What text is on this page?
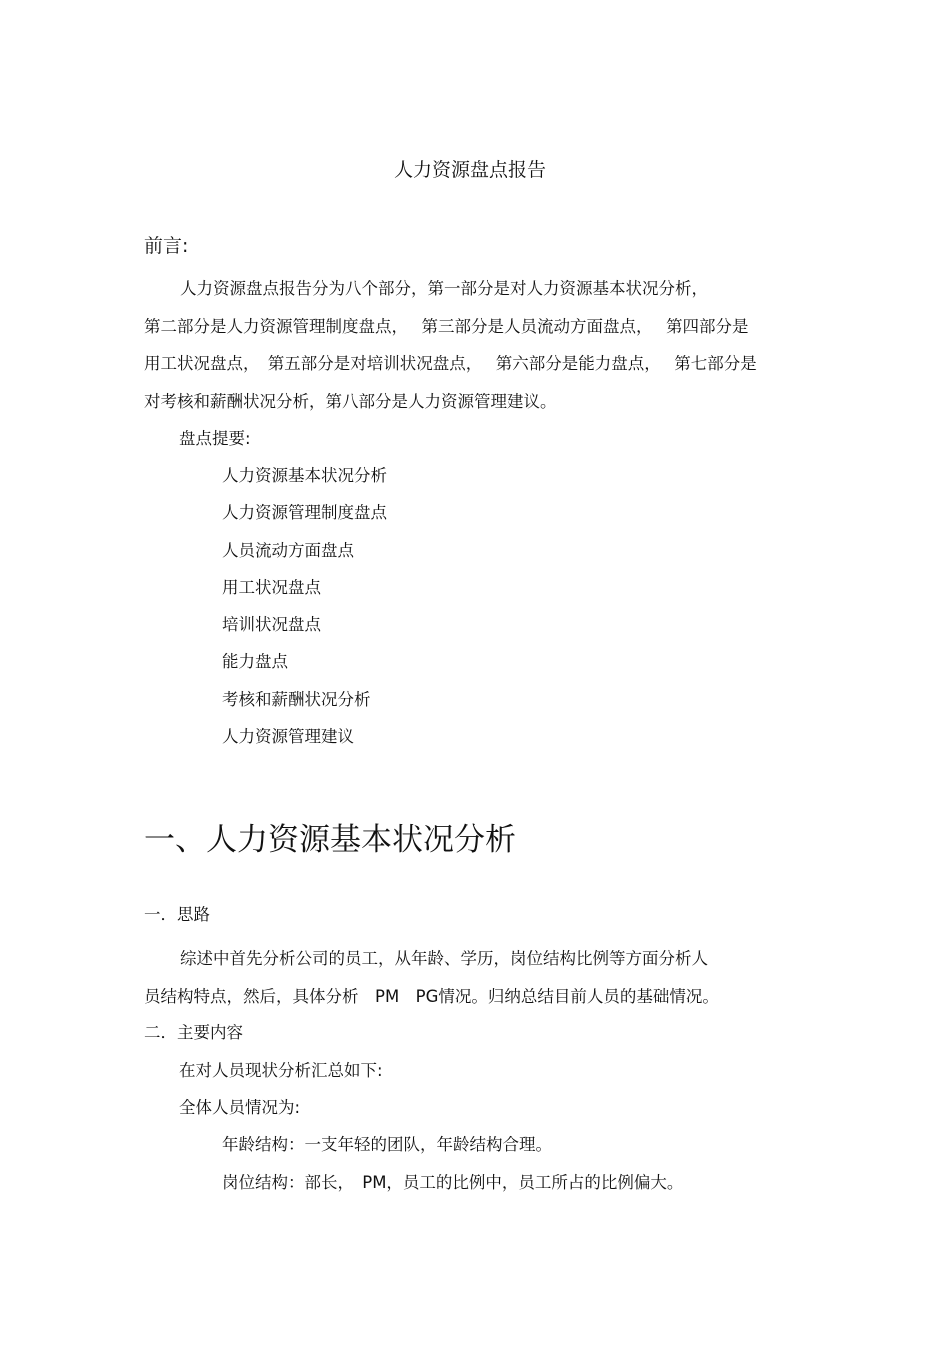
人力资源盘点报告
前言:

人力资源盘点报告分为八个部分，第一部分是对人力资源基本状况分析，
第二部分是人力资源管理制度盘点，　 第三部分是人员流动方面盘点，　 第四部分是
用工状况盘点，　第五部分是对培训状况盘点，　 第六部分是能力盘点，　 第七部分是
对考核和薪酬状况分析，第八部分是人力资源管理建议。

盘点提要:
人力资源基本状况分析
人力资源管理制度盘点
人员流动方面盘点
用工状况盘点
培训状况盘点
能力盘点
考核和薪酬状况分析
人力资源管理建议
一、人力资源基本状况分析
一．思路

综述中首先分析公司的员工，从年龄、学历，岗位结构比例等方面分析人
员结构特点，然后，具体分析　PM　PG情况。归纳总结目前人员的基础情况。

二．主要内容
在对人员现状分析汇总如下:
全体人员情况为:
年龄结构：一支年轻的团队，年龄结构合理。
岗位结构：部长，　PM，员工的比例中，员工所占的比例偏大。
